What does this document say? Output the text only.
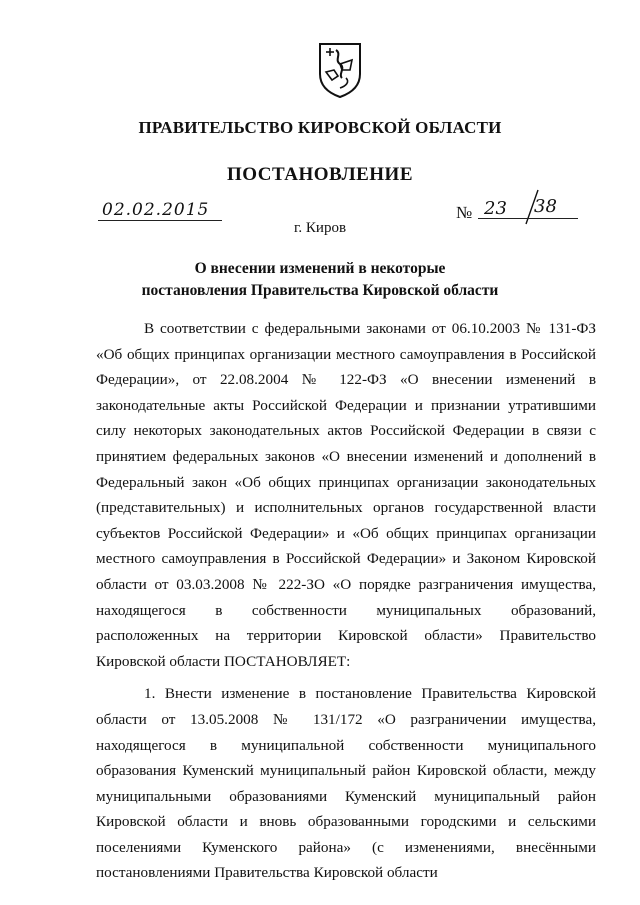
ПРАВИТЕЛЬСТВО КИРОВСКОЙ ОБЛАСТИ
ПОСТАНОВЛЕНИЕ
02.02.2015	№ 23 38
г. Киров
О внесении изменений в некоторые
постановления Правительства Кировской области

В соответствии с федеральными законами от 06.10.2003 № 131-ФЗ «Об общих принципах организации местного самоуправления в Российской Федерации», от 22.08.2004 № 122-ФЗ «О внесении изменений в законодательные акты Российской Федерации и признании утратившими силу некоторых законодательных актов Российской Федерации в связи с принятием федеральных законов «О внесении изменений и дополнений в Федеральный закон «Об общих принципах организации законодательных (представительных) и исполнительных органов государственной власти субъектов Российской Федерации» и «Об общих принципах организации местного самоуправления в Российской Федерации» и Законом Кировской области от 03.03.2008 № 222-ЗО «О порядке разграничения имущества, находящегося в собственности муниципальных образований, расположенных на территории Кировской области» Правительство Кировской области ПОСТАНОВЛЯЕТ:

1. Внести изменение в постановление Правительства Кировской области от 13.05.2008 № 131/172 «О разграничении имущества, находящегося в муниципальной собственности муниципального образования Куменский муниципальный район Кировской области, между муниципальными образованиями Куменский муниципальный район Кировской области и вновь образованными городскими и сельскими поселениями Куменского района» (с изменениями, внесёнными постановлениями Правительства Кировской области
